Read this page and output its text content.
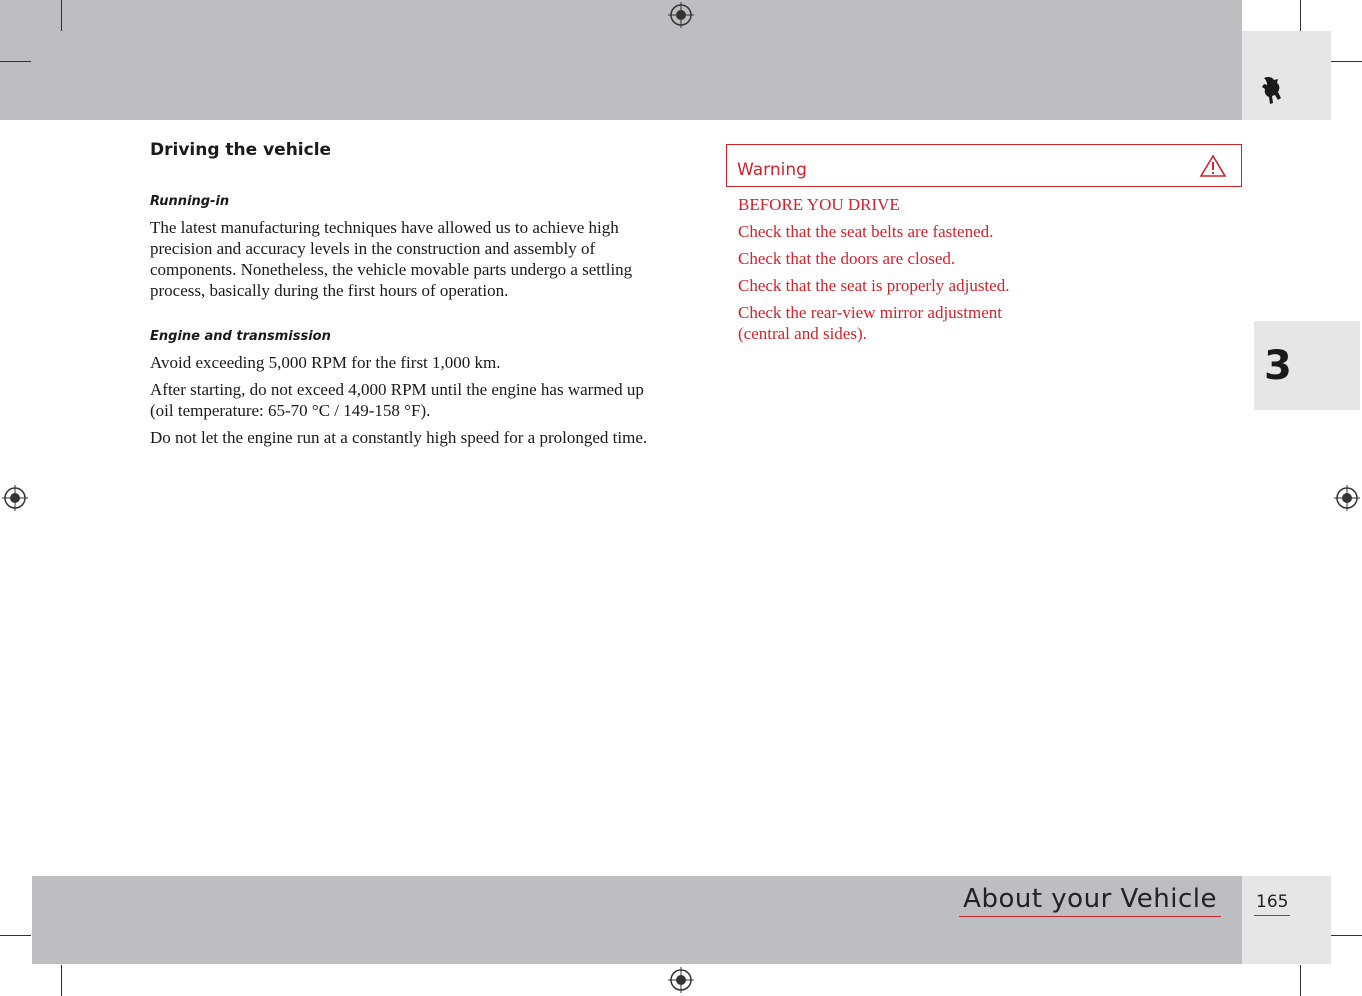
3
Driving the vehicle
Running-in

The latest manufacturing techniques have allowed us to achieve high precision and accuracy levels in the construction and assembly of components. Nonetheless, the vehicle movable parts undergo a settling process, basically during the first hours of operation.

Engine and transmission

Avoid exceeding 5,000 RPM for the first 1,000 km.

After starting, do not exceed 4,000 RPM until the engine has warmed up (oil temperature: 65-70 °C / 149-158 °F).

Do not let the engine run at a constantly high speed for a prolonged time.

Warning

BEFORE YOU DRIVE

Check that the seat belts are fastened.

Check that the doors are closed.

Check that the seat is properly adjusted.

Check the rear-view mirror adjustment (central and sides).

About your Vehicle 165
